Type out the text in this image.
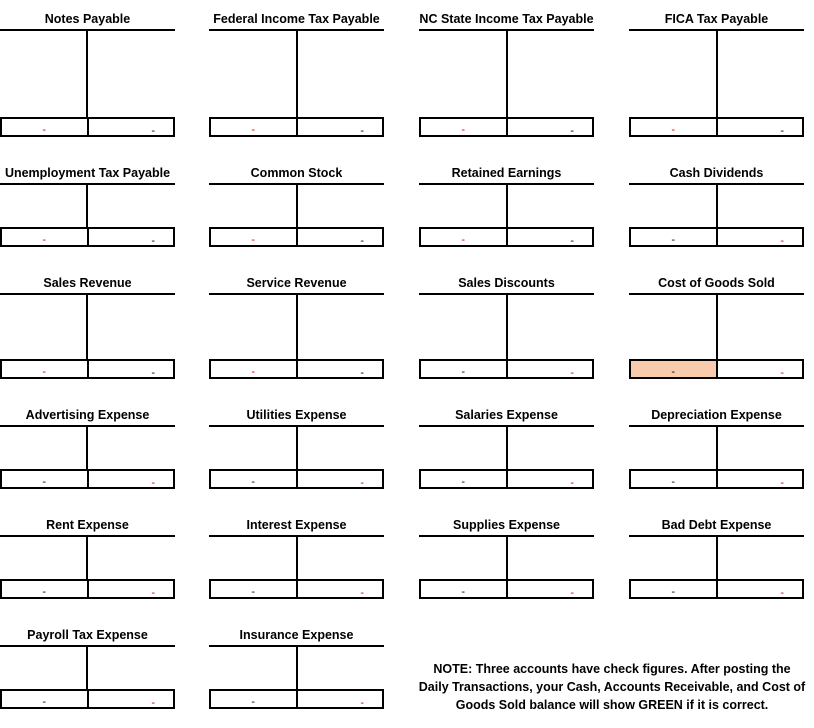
Notes Payable
-	-
Federal Income Tax Payable
-	-
NC State Income Tax Payable
-	-
FICA Tax Payable
-	-
Unemployment Tax Payable
-	-
Common Stock
-	-
Retained Earnings
-	-
Cash Dividends
-	-
Sales Revenue
-	-
Service Revenue
-	-
Sales Discounts
-	-
Cost of Goods Sold
-	-
Advertising Expense
-	-
Utilities Expense
-	-
Salaries Expense
-	-
Depreciation Expense
-	-
Rent Expense
-	-
Interest Expense
-	-
Supplies Expense
-	-
Bad Debt Expense
-	-
Payroll Tax Expense
-	-
Insurance Expense
-	-
NOTE: Three accounts have check figures. After posting the
Daily Transactions, your Cash, Accounts Receivable, and Cost of
Goods Sold balance will show GREEN if it is correct.
